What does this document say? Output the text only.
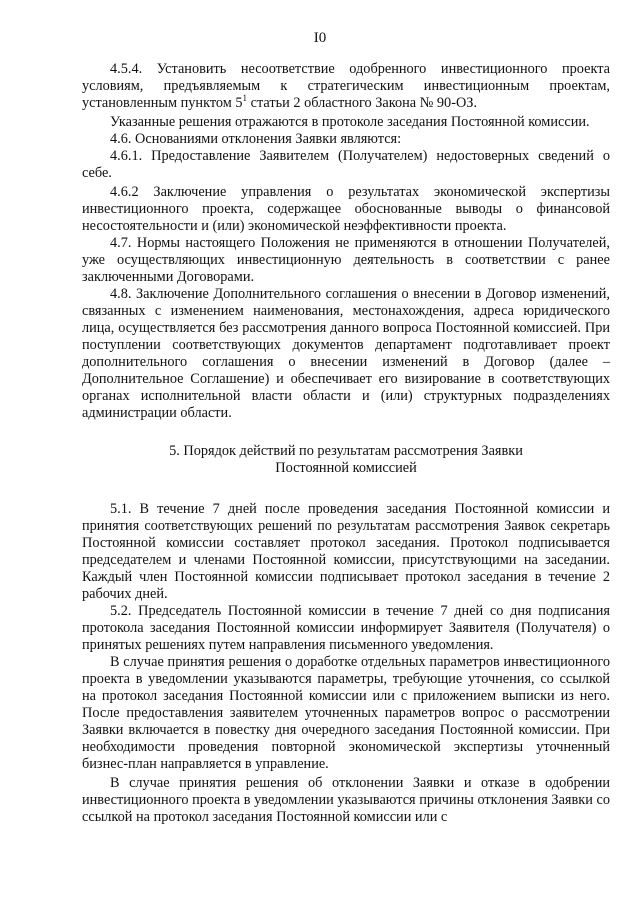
I0

4.5.4. Установить несоответствие одобренного инвестиционного проекта условиям, предъявляемым к стратегическим инвестиционным проектам, установленным пунктом $5^1$ статьи 2 областного Закона № 90-ОЗ.

Указанные решения отражаются в протоколе заседания Постоянной комиссии.

4.6. Основаниями отклонения Заявки являются:

4.6.1. Предоставление Заявителем (Получателем) недостоверных сведений о себе.

4.6.2 Заключение управления о результатах экономической экспертизы инвестиционного проекта, содержащее обоснованные выводы о финансовой несостоятельности и (или) экономической неэффективности проекта.

4.7. Нормы настоящего Положения не применяются в отношении Получателей, уже осуществляющих инвестиционную деятельность в соответствии с ранее заключенными Договорами.

4.8. Заключение Дополнительного соглашения о внесении в Договор изменений, связанных с изменением наименования, местонахождения, адреса юридического лица, осуществляется без рассмотрения данного вопроса Постоянной комиссией. При поступлении соответствующих документов департамент подготавливает проект дополнительного соглашения о внесении изменений в Договор (далее – Дополнительное Соглашение) и обеспечивает его визирование в соответствующих органах исполнительной власти области и (или) структурных подразделениях администрации области.

5. Порядок действий по результатам рассмотрения Заявки
Постоянной комиссией

5.1. В течение 7 дней после проведения заседания Постоянной комиссии и принятия соответствующих решений по результатам рассмотрения Заявок секретарь Постоянной комиссии составляет протокол заседания. Протокол подписывается председателем и членами Постоянной комиссии, присутствующими на заседании. Каждый член Постоянной комиссии подписывает протокол заседания в течение 2 рабочих дней.

5.2. Председатель Постоянной комиссии в течение 7 дней со дня подписания протокола заседания Постоянной комиссии информирует Заявителя (Получателя) о принятых решениях путем направления письменного уведомления.

В случае принятия решения о доработке отдельных параметров инвестиционного проекта в уведомлении указываются параметры, требующие уточнения, со ссылкой на протокол заседания Постоянной комиссии или с приложением выписки из него. После предоставления заявителем уточненных параметров вопрос о рассмотрении Заявки включается в повестку дня очередного заседания Постоянной комиссии. При необходимости проведения повторной экономической экспертизы уточненный бизнес-план направляется в управление.

В случае принятия решения об отклонении Заявки и отказе в одобрении инвестиционного проекта в уведомлении указываются причины отклонения Заявки со ссылкой на протокол заседания Постоянной комиссии или с
